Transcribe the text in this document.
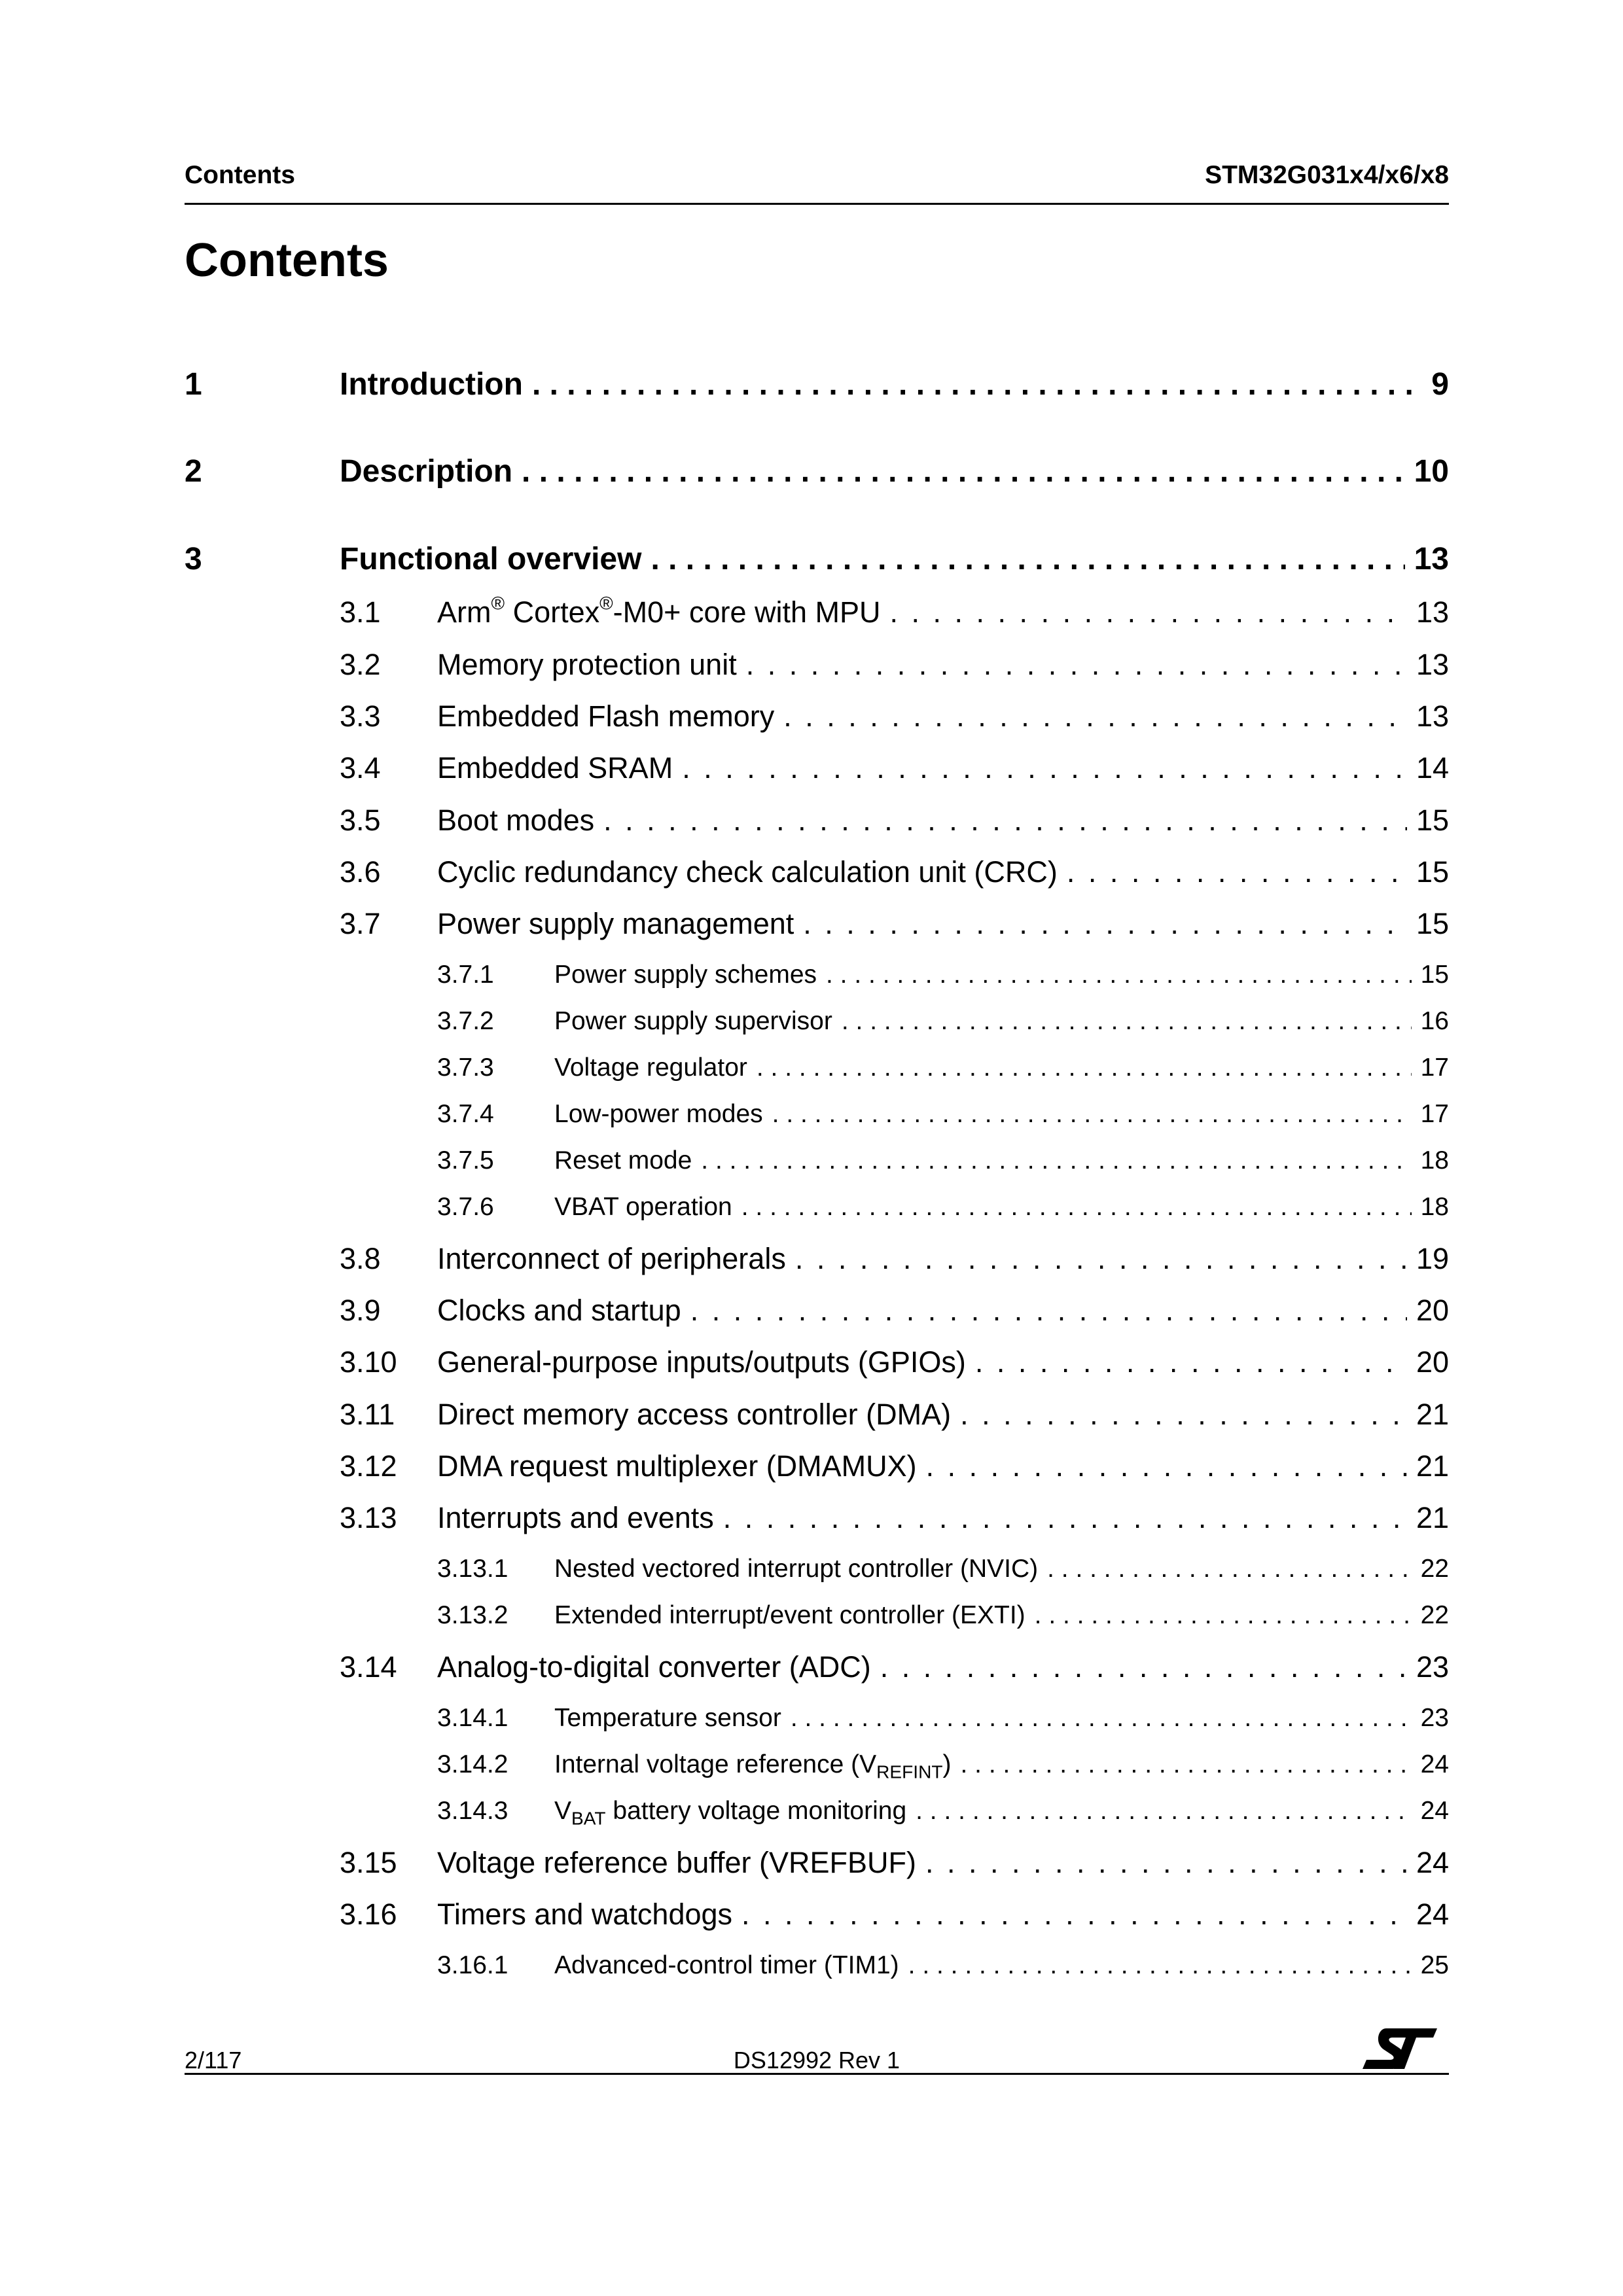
Contents	STM32G031x4/x6/x8
Contents
1	Introduction . . .	9
2	Description . . .	10
3	Functional overview . . .	13
3.1 Arm® Cortex®-M0+ core with MPU . . .	13
3.2 Memory protection unit . . .	13
3.3 Embedded Flash memory . . .	13
3.4 Embedded SRAM . . .	14
3.5 Boot modes . . .	15
3.6 Cyclic redundancy check calculation unit (CRC) . . .	15
3.7 Power supply management . . .	15
3.7.1 Power supply schemes . . .	15
3.7.2 Power supply supervisor . . .	16
3.7.3 Voltage regulator . . .	17
3.7.4 Low-power modes . . .	17
3.7.5 Reset mode . . .	18
3.7.6 VBAT operation . . .	18
3.8 Interconnect of peripherals . . .	19
3.9 Clocks and startup . . .	20
3.10 General-purpose inputs/outputs (GPIOs) . . .	20
3.11 Direct memory access controller (DMA) . . .	21
3.12 DMA request multiplexer (DMAMUX) . . .	21
3.13 Interrupts and events . . .	21
3.13.1 Nested vectored interrupt controller (NVIC) . . .	22
3.13.2 Extended interrupt/event controller (EXTI) . . .	22
3.14 Analog-to-digital converter (ADC) . . .	23
3.14.1 Temperature sensor . . .	23
3.14.2 Internal voltage reference $(V_{REFINT})$ . . .	24
3.14.3 $V_{BAT}$ battery voltage monitoring . . .	24
3.15 Voltage reference buffer (VREFBUF) . . .	24
3.16 Timers and watchdogs . . .	24
3.16.1 Advanced-control timer (TIM1) . . .	25
2/117	DS12992 Rev 1
